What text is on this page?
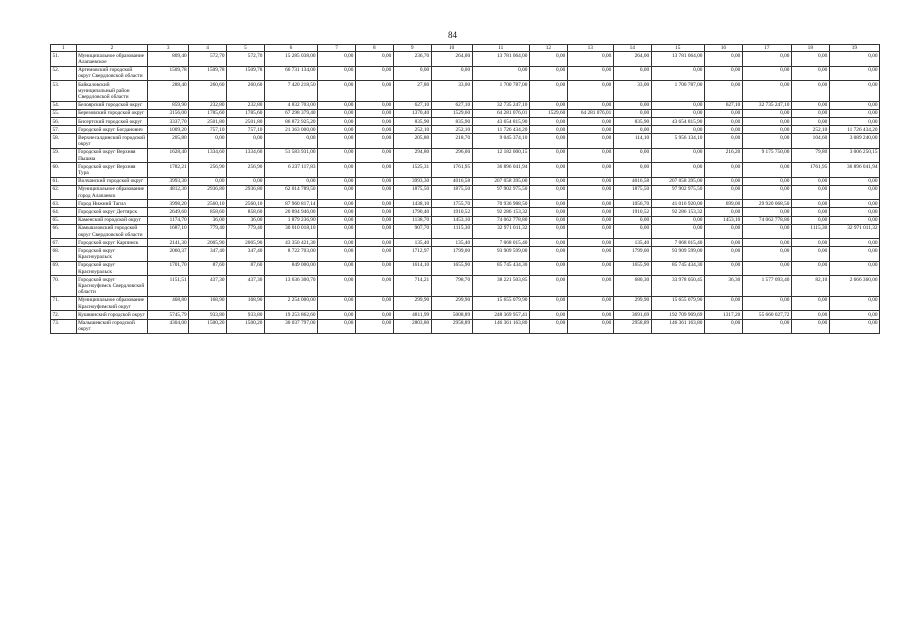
84
1	2	3	4	5	6	7	8	9	10	11	12	13	14	15	16	17	18	19
51.	Муниципальное образование Алапаевское	809,40	572,70	572,70	15 285 038,00	0,00	0,00	236,70	264,00	13 781 064,00	0,00	0,00	264,00	13 781 064,00	0,00	0,00	0,00	0,00
52.	Артемовский городской округ Свердловской области	1509,78	1509,78	1509,78	66 731 134,00	0,00	0,00	0,00	0,00	0,00	0,00	0,00	0,00	0,00	0,00	0,00	0,00	0,00
53.	Байкаловский муниципальный район Свердловской области	288,40	260,60	260,60	7 420 218,50	0,00	0,00	27,80	33,00	1 700 787,00	0,00	0,00	33,00	1 700 787,00	0,00	0,00	0,00	0,00
54.	Белоярский городской округ	859,90	232,80	232,80	4 832 703,00	0,00	0,00	627,10	627,10	32 735 247,10	0,00	0,00	0,00	0,00	627,10	32 735 247,10	0,00	0,00
55.	Березовский городской округ	3156,00	1785,60	1785,60	67 298 379,40	0,00	0,00	1370,40	1529,60	64 281 076,01	1529,60	64 281 076,01	0,00	0,00	0,00	0,00	0,00	0,00
56.	Бисертский городской округ	3337,70	2501,80	2501,80	86 872 925,20	0,00	0,00	835,90	835,90	43 654 815,90	0,00	0,00	835,90	43 654 815,90	0,00	0,00	0,00	0,00
57.	Городской округ Богданович	1009,20	757,10	757,10	21 363 000,00	0,00	0,00	252,10	252,10	11 726 434,20	0,00	0,00	0,00	0,00	0,00	0,00	252,10	11 726 434,20
58.	Верхнесалдинский городской округ	205,80	0,00	0,00	0,00	0,00	0,00	205,80	218,70	9 045 374,10	0,00	0,00	114,10	5 956 134,10	0,00	0,00	104,60	3 089 240,00
59.	Городской округ Верхняя Пышма	1628,40	1334,60	1334,60	51 583 931,00	0,00	0,00	294,80	296,00	12 182 000,15	0,00	0,00	0,00	0,00	216,20	9 175 750,00	79,80	3 006 250,15
60.	Городской округ Верхняя Тура	1782,21	256,90	256,90	6 237 117,83	0,00	0,00	1525,31	1761,95	36 896 041,94	0,00	0,00	0,00	0,00	0,00	0,00	1761,95	36 896 041,94
61.	Волчанский городской округ	3993,30	0,00	0,00	0,00	0,00	0,00	3993,30	4016,58	207 058 395,00	0,00	0,00	4016,58	207 058 395,00	0,00	0,00	0,00	0,00
62.	Муниципальное образование город Алапаевск	4812,30	2936,80	2936,80	62 014 789,50	0,00	0,00	1875,50	1875,50	97 902 975,50	0,00	0,00	1875,50	97 902 975,50	0,00	0,00	0,00	0,00
63.	Город Нижний Тагил	3998,20	2560,10	2560,10	87 960 817,14	0,00	0,00	1438,10	1755,70	70 936 988,50	0,00	0,00	1056,70	41 016 920,00	699,00	29 920 068,50	0,00	0,00
64.	Городской округ Дегтярск	2649,60	858,60	858,60	20 894 946,00	0,00	0,00	1790,40	1910,52	92 286 153,32	0,00	0,00	1910,52	92 286 153,32	0,00	0,00	0,00	0,00
65.	Каменский городской округ	1174,70	36,00	36,00	1 879 236,90	0,00	0,00	1138,70	1453,10	74 062 778,80	0,00	0,00	0,00	0,00	1453,10	74 062 778,80	0,00	0,00
66.	Камышловский городской округ Свердловской области	1687,10	779,40	779,40	30 010 018,10	0,00	0,00	907,70	1115,30	32 971 011,32	0,00	0,00	0,00	0,00	0,00	0,00	1115,30	32 971 011,32
67.	Городской округ Карпинск	2141,30	2005,90	2005,90	43 350 421,30	0,00	0,00	135,40	135,40	7 068 015,40	0,00	0,00	135,40	7 068 015,40	0,00	0,00	0,00	0,00
68.	Городской округ Красноуральск	2060,37	347,40	347,40	8 722 703,00	0,00	0,00	1712,97	1799,00	93 909 599,00	0,00	0,00	1799,00	93 909 599,00	0,00	0,00	0,00	0,00
69.	Городской округ Красноуральск	1701,70	87,60	87,60	849 000,00	0,00	0,00	1614,10	1655,90	85 745 434,30	0,00	0,00	1655,90	85 745 434,30	0,00	0,00	0,00	0,00
70.	Городской округ Красноуфимск Свердловской области	1151,51	437,30	437,30	13 636 300,70	0,00	0,00	714,21	798,70	38 221 503,85	0,00	0,00	680,30	33 978 050,45	36,30	1 577 093,40	82,10	2 666 360,00
71.	Муниципальное образование Красноуфимский округ	468,80	168,90	168,90	2 254 000,00	0,00	0,00	299,90	299,90	15 655 079,90	0,00	0,00	299,90	15 655 079,90	0,00	0,00	0,00	0,00
72.	Кушвинский городской округ	5745,79	933,80	933,80	19 253 862,60	0,00	0,00	4811,99	5008,89	248 369 957,41	0,00	0,00	3691,69	192 709 909,69	1317,20	55 660 027,72	0,00	0,00
73.	Малышевский городской округ	4304,00	1500,20	1500,20	30 037 797,00	0,00	0,00	2803,80	2958,89	146 361 163,80	0,00	0,00	2958,89	146 361 163,80	0,00	0,00	0,00	0,00
